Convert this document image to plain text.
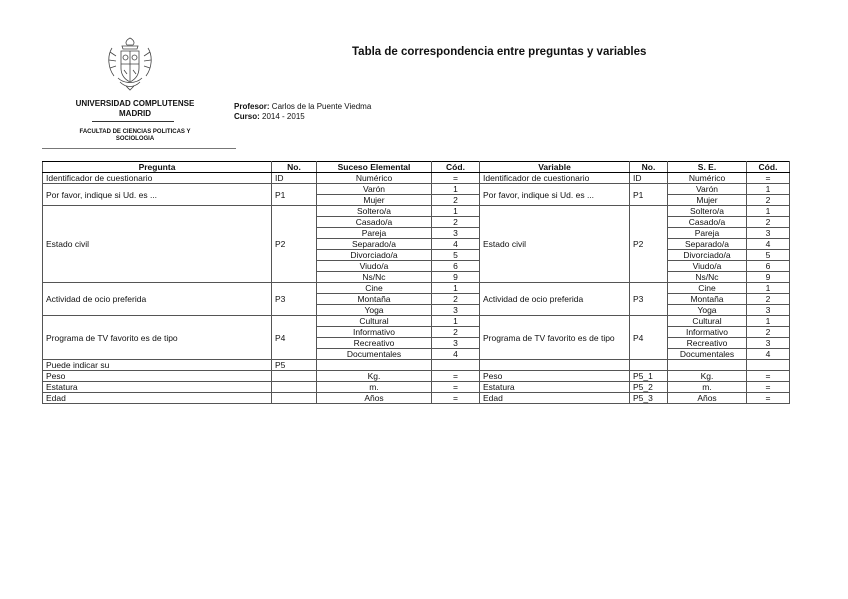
UNIVERSIDAD COMPLUTENSE
MADRID
FACULTAD DE CIENCIAS POLITICAS Y
SOCIOLOGIA
Tabla de correspondencia entre preguntas y variables
Profesor: Carlos de la Puente Viedma
Curso: 2014 - 2015
Pregunta	No.	Suceso Elemental	Cód.	Variable	No.	S. E.	Cód.
Identificador de cuestionario	ID	Numérico	=	Identificador de cuestionario	ID	Numérico	=
Por favor, indique si Ud. es ...	P1	Varón	1	Por favor, indique si Ud. es ...	P1	Varón	1
		Mujer	2			Mujer	2
Estado civil	P2	Soltero/a	1	Estado civil	P2	Soltero/a	1
		Casado/a	2			Casado/a	2
		Pareja	3			Pareja	3
		Separado/a	4			Separado/a	4
		Divorciado/a	5			Divorciado/a	5
		Viudo/a	6			Viudo/a	6
		Ns/Nc	9			Ns/Nc	9
Actividad de ocio preferida	P3	Cine	1	Actividad de ocio preferida	P3	Cine	1
		Montaña	2			Montaña	2
		Yoga	3			Yoga	3
Programa de TV favorito es de tipo	P4	Cultural	1	Programa de TV favorito es de tipo	P4	Cultural	1
		Informativo	2			Informativo	2
		Recreativo	3			Recreativo	3
		Documentales	4			Documentales	4
Puede indicar su	P5						
Peso		Kg.	=	Peso	P5_1	Kg.	=
Estatura		m.	=	Estatura	P5_2	m.	=
Edad		Años	=	Edad	P5_3	Años	=
